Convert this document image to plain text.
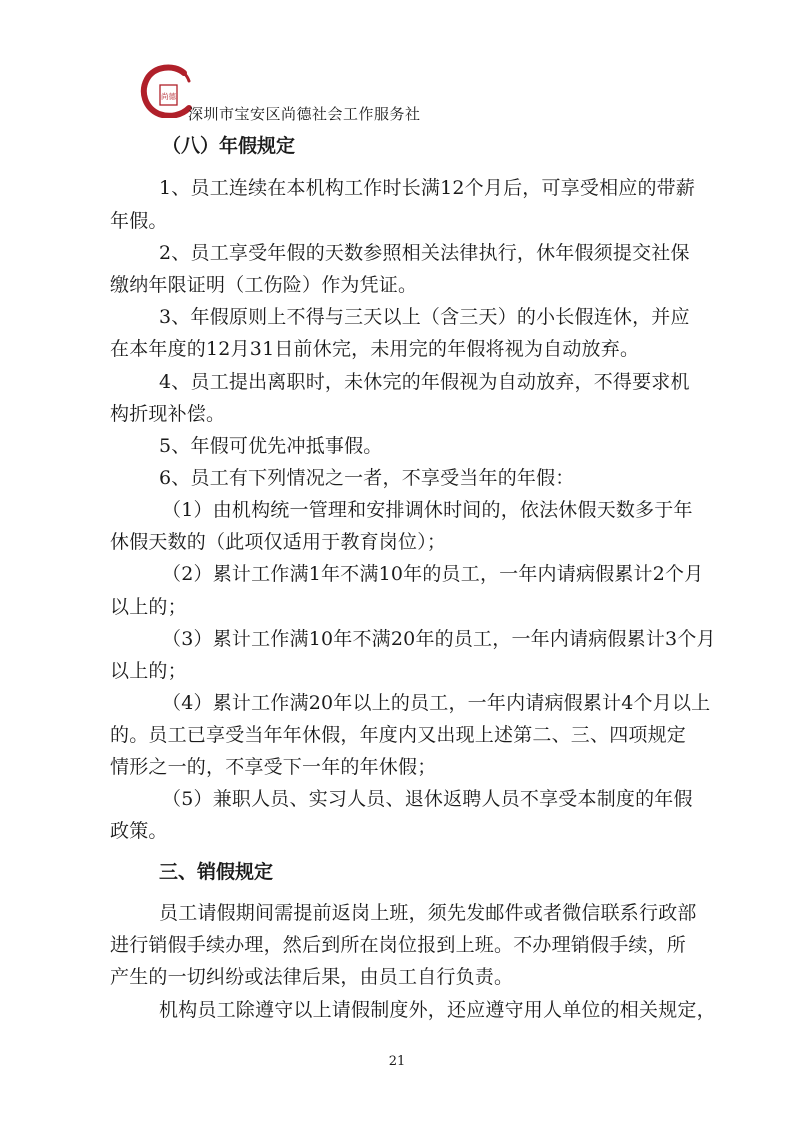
尚德
深圳市宝安区尚德社会工作服务社
（八）年假规定
1、员工连续在本机构工作时长满12个月后，可享受相应的带薪
年假。
2、员工享受年假的天数参照相关法律执行，休年假须提交社保
缴纳年限证明（工伤险）作为凭证。
3、年假原则上不得与三天以上（含三天）的小长假连休，并应
在本年度的12月31日前休完，未用完的年假将视为自动放弃。
4、员工提出离职时，未休完的年假视为自动放弃，不得要求机
构折现补偿。
5、年假可优先冲抵事假。
6、员工有下列情况之一者，不享受当年的年假：
（1）由机构统一管理和安排调休时间的，依法休假天数多于年
休假天数的（此项仅适用于教育岗位）；
（2）累计工作满1年不满10年的员工，一年内请病假累计2个月
以上的；
（3）累计工作满10年不满20年的员工，一年内请病假累计3个月
以上的；
（4）累计工作满20年以上的员工，一年内请病假累计4个月以上
的。员工已享受当年年休假，年度内又出现上述第二、三、四项规定
情形之一的，不享受下一年的年休假；
（5）兼职人员、实习人员、退休返聘人员不享受本制度的年假
政策。
三、销假规定
员工请假期间需提前返岗上班，须先发邮件或者微信联系行政部
进行销假手续办理，然后到所在岗位报到上班。不办理销假手续，所
产生的一切纠纷或法律后果，由员工自行负责。
机构员工除遵守以上请假制度外，还应遵守用人单位的相关规定，
21
